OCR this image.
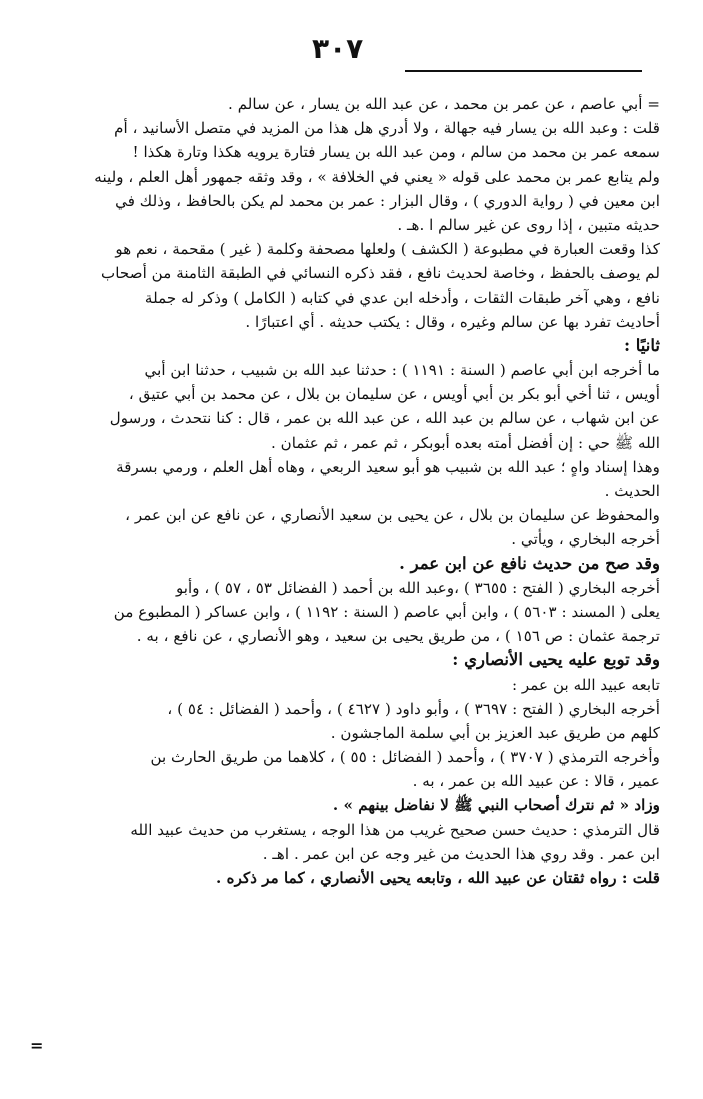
٣٠٧
= أبي عاصم ، عن عمر بن محمد ، عن عبد الله بن يسار ، عن سالم .
قلت : وعبد الله بن يسار فيه جهالة ، ولا أدري هل هذا من المزيد في متصل الأسانيد ، أم
سمعه عمر بن محمد من سالم ، ومن عبد الله بن يسار فتارة يرويه هكذا وتارة هكذا !
ولم يتابع عمر بن محمد على قوله « يعني في الخلافة » ، وقد وثقه جمهور أهل العلم ، ولينه
ابن معين في ( رواية الدوري ) ، وقال البزار : عمر بن محمد لم يكن بالحافظ ، وذلك في
حديثه متبين ، إذا روى عن غير سالم ا .هـ .
كذا وقعت العبارة في مطبوعة ( الكشف ) ولعلها مصحفة وكلمة ( غير ) مقحمة ، نعم هو
لم يوصف بالحفظ ، وخاصة لحديث نافع ، فقد ذكره النسائي في الطبقة الثامنة من أصحاب
نافع ، وهي آخر طبقات الثقات ، وأدخله ابن عدي في كتابه ( الكامل ) وذكر له جملة
أحاديث تفرد بها عن سالم وغيره ، وقال : يكتب حديثه . أي اعتبارًا .
ثانيًا :
ما أخرجه ابن أبي عاصم ( السنة : ١١٩١ ) : حدثنا عبد الله بن شبيب ، حدثنا ابن أبي
أويس ، ثنا أخي أبو بكر بن أبي أويس ، عن سليمان بن بلال ، عن محمد بن أبي عتيق ،
عن ابن شهاب ، عن سالم بن عبد الله ، عن عبد الله بن عمر ، قال : كنا نتحدث ، ورسول
الله ﷺ حي : إن أفضل أمته بعده أبوبكر ، ثم عمر ، ثم عثمان .
وهذا إسناد واهٍ ؛ عبد الله بن شبيب هو أبو سعيد الربعي ، وهاه أهل العلم ، ورمي بسرقة
الحديث .
والمحفوظ عن سليمان بن بلال ، عن يحيى بن سعيد الأنصاري ، عن نافع عن ابن عمر ،
أخرجه البخاري ، ويأتي .
وقد صح من حديث نافع عن ابن عمر .
أخرجه البخاري ( الفتح : ٣٦٥٥ ) ،وعبد الله بن أحمد ( الفضائل ٥٣ ، ٥٧ ) ، وأبو
يعلى ( المسند : ٥٦٠٣ ) ، وابن أبي عاصم ( السنة : ١١٩٢ ) ، وابن عساكر ( المطبوع من
ترجمة عثمان : ص ١٥٦ ) ، من طريق يحيى بن سعيد ، وهو الأنصاري ، عن نافع ، به .
وقد توبع عليه يحيى الأنصاري :
تابعه عبيد الله بن عمر :
أخرجه البخاري ( الفتح : ٣٦٩٧ ) ، وأبو داود ( ٤٦٢٧ ) ، وأحمد ( الفضائل : ٥٤ ) ،
كلهم من طريق عبد العزيز بن أبي سلمة الماجشون .
وأخرجه الترمذي ( ٣٧٠٧ ) ، وأحمد ( الفضائل : ٥٥ ) ، كلاهما من طريق الحارث بن
عمير ، قالا : عن عبيد الله بن عمر ، به .
وزاد « ثم نترك أصحاب النبي ﷺ لا نفاضل بينهم » .
قال الترمذي : حديث حسن صحيح غريب من هذا الوجه ، يستغرب من حديث عبيد الله
ابن عمر . وقد روي هذا الحديث من غير وجه عن ابن عمر . اهـ .
قلت : رواه ثقتان عن عبيد الله ، وتابعه يحيى الأنصاري ، كما مر ذكره .
=
